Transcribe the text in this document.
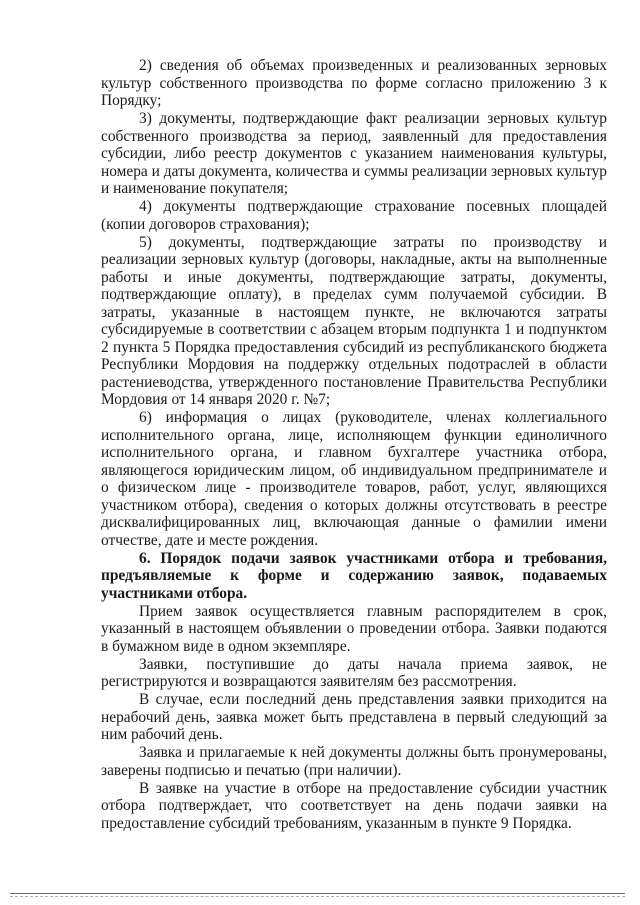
2) сведения об объемах произведенных и реализованных зерновых культур собственного производства по форме согласно приложению 3 к Порядку;

3) документы, подтверждающие факт реализации зерновых культур собственного производства за период, заявленный для предоставления субсидии, либо реестр документов с указанием наименования культуры, номера и даты документа, количества и суммы реализации зерновых культур и наименование покупателя;

4) документы подтверждающие страхование посевных площадей (копии договоров страхования);

5) документы, подтверждающие затраты по производству и реализации зерновых культур (договоры, накладные, акты на выполненные работы и иные документы, подтверждающие затраты, документы, подтверждающие оплату), в пределах сумм получаемой субсидии. В затраты, указанные в настоящем пункте, не включаются затраты субсидируемые в соответствии с абзацем вторым подпункта 1 и подпунктом 2 пункта 5 Порядка предоставления субсидий из республиканского бюджета Республики Мордовия на поддержку отдельных подотраслей в области растениеводства, утвержденного постановление Правительства Республики Мордовия от 14 января 2020 г. №7;

6) информация о лицах (руководителе, членах коллегиального исполнительного органа, лице, исполняющем функции единоличного исполнительного органа, и главном бухгалтере участника отбора, являющегося юридическим лицом, об индивидуальном предпринимателе и о физическом лице - производителе товаров, работ, услуг, являющихся участником отбора), сведения о которых должны отсутствовать в реестре дисквалифицированных лиц, включающая данные о фамилии имени отчестве, дате и месте рождения.

6. Порядок подачи заявок участниками отбора и требования, предъявляемые к форме и содержанию заявок, подаваемых участниками отбора.

Прием заявок осуществляется главным распорядителем в срок, указанный в настоящем объявлении о проведении отбора. Заявки подаются в бумажном виде в одном экземпляре.

Заявки, поступившие до даты начала приема заявок, не регистрируются и возвращаются заявителям без рассмотрения.

В случае, если последний день представления заявки приходится на нерабочий день, заявка может быть представлена в первый следующий за ним рабочий день.

Заявка и прилагаемые к ней документы должны быть пронумерованы, заверены подписью и печатью (при наличии).

В заявке на участие в отборе на предоставление субсидии участник отбора подтверждает, что соответствует на день подачи заявки на предоставление субсидий требованиям, указанным в пункте 9 Порядка.
